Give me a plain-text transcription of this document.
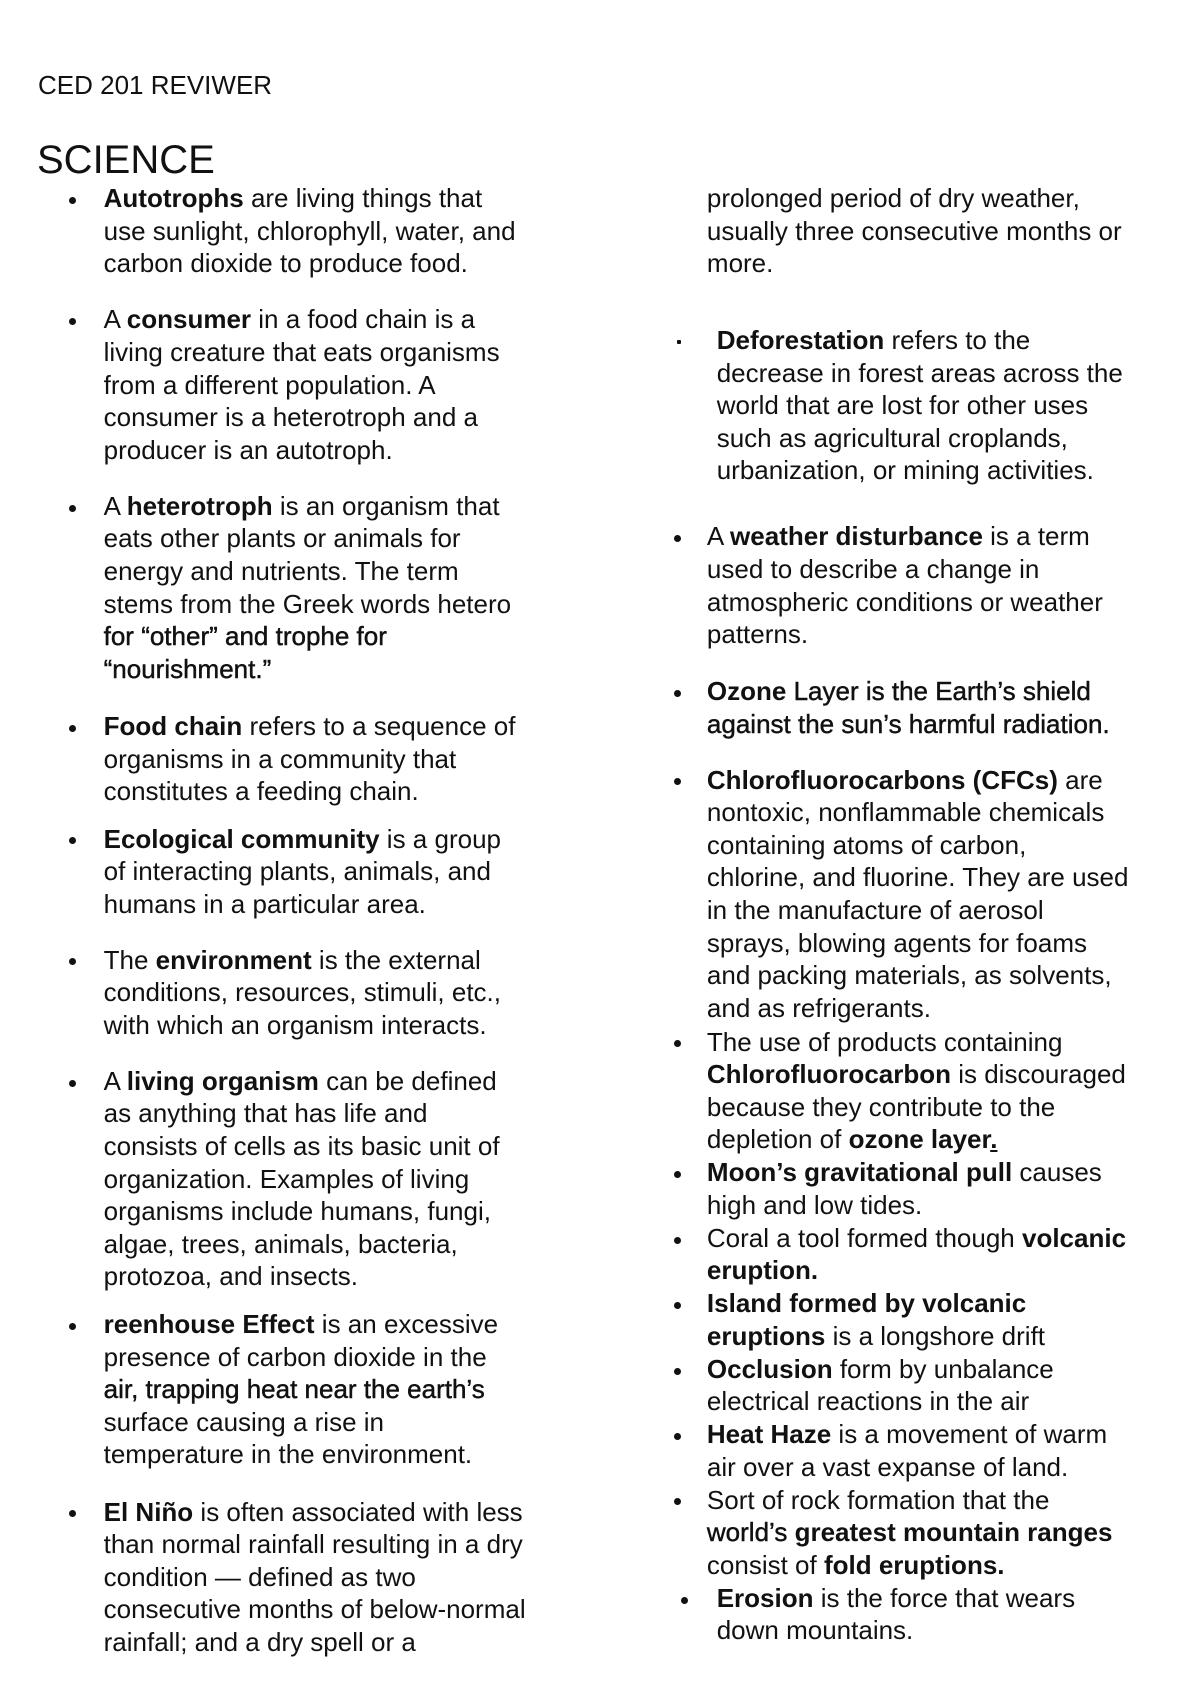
CED 201 REVIWER
SCIENCE
Autotrophs are living things that
use sunlight, chlorophyll, water, and
carbon dioxide to produce food.
A consumer in a food chain is a
living creature that eats organisms
from a different population. A
consumer is a heterotroph and a
producer is an autotroph.
A heterotroph is an organism that
eats other plants or animals for
energy and nutrients. The term
stems from the Greek words hetero
for “other” and trophe for
“nourishment.”
Food chain refers to a sequence of
organisms in a community that
constitutes a feeding chain.
Ecological community is a group
of interacting plants, animals, and
humans in a particular area.
The environment is the external
conditions, resources, stimuli, etc.,
with which an organism interacts.
A living organism can be defined
as anything that has life and
consists of cells as its basic unit of
organization. Examples of living
organisms include humans, fungi,
algae, trees, animals, bacteria,
protozoa, and insects.
reenhouse Effect is an excessive
presence of carbon dioxide in the
air, trapping heat near the earth’s
surface causing a rise in
temperature in the environment.
El Niño is often associated with less
than normal rainfall resulting in a dry
condition — defined as two
consecutive months of below-normal
rainfall; and a dry spell or a
prolonged period of dry weather,
usually three consecutive months or
more.
Deforestation refers to the
decrease in forest areas across the
world that are lost for other uses
such as agricultural croplands,
urbanization, or mining activities.
A weather disturbance is a term
used to describe a change in
atmospheric conditions or weather
patterns.
Ozone Layer is the Earth’s shield
against the sun’s harmful radiation.
Chlorofluorocarbons (CFCs) are
nontoxic, nonflammable chemicals
containing atoms of carbon,
chlorine, and fluorine. They are used
in the manufacture of aerosol
sprays, blowing agents for foams
and packing materials, as solvents,
and as refrigerants.
The use of products containing
Chlorofluorocarbon is discouraged
because they contribute to the
depletion of ozone layer.
Moon’s gravitational pull causes
high and low tides.
Coral a tool formed though volcanic
eruption.
Island formed by volcanic
eruptions is a longshore drift
Occlusion form by unbalance
electrical reactions in the air
Heat Haze is a movement of warm
air over a vast expanse of land.
Sort of rock formation that the
world’s greatest mountain ranges
consist of fold eruptions.
Erosion is the force that wears
down mountains.
